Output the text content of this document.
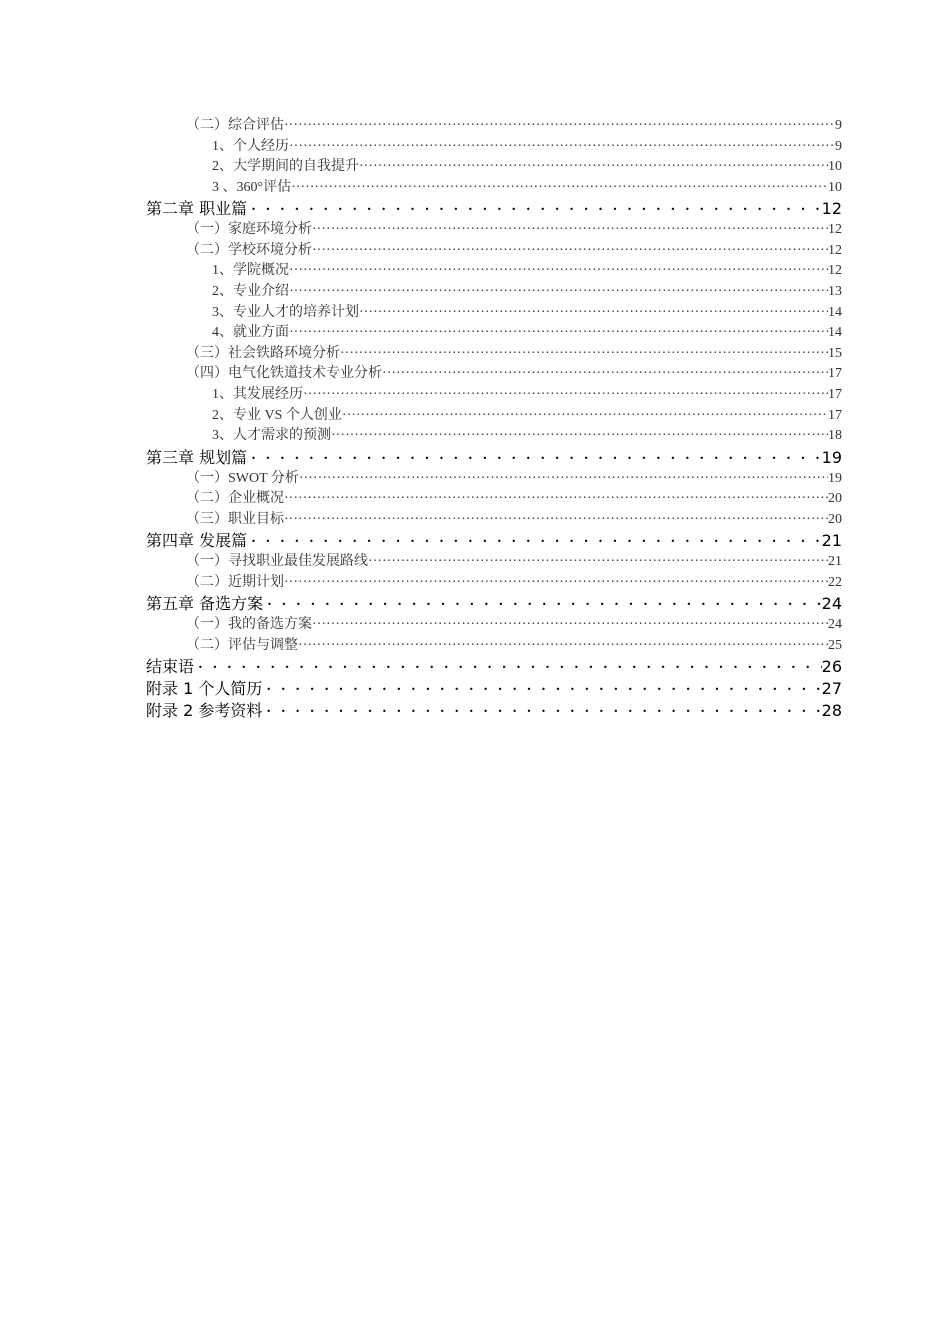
（二）综合评估 ·····	9
1、个人经历 ·····	9
2、大学期间的自我提升 ·····	10
3 、360°评估 ·····	10
第二章 职业篇 • • •	12
（一）家庭环境分析 ·····	12
（二）学校环境分析 ·····	12
1、学院概况 ·····	12
2、专业介绍 ·····	13
3、专业人才的培养计划 ·····	14
4、就业方面 ·····	14
（三）社会铁路环境分析 ·····	15
（四）电气化铁道技术专业分析 ·····	17
1、其发展经历 ·····	17
2、专业 VS 个人创业 ·····	17
3、人才需求的预测 ·····	18
第三章 规划篇 • • •	19
（一）SWOT 分析 ·····	19
（二）企业概况 ·····	20
（三）职业目标 ·····	20
第四章 发展篇 • • •	21
（一）寻找职业最佳发展路线 ·····	21
（二）近期计划 ·····	22
第五章 备选方案 • • •	24
（一）我的备选方案 ·····	24
（二）评估与调整 ·····	25
结束语 • • •	26
附录 1 个人简历 • • •	27
附录 2 参考资料 • • •	28
